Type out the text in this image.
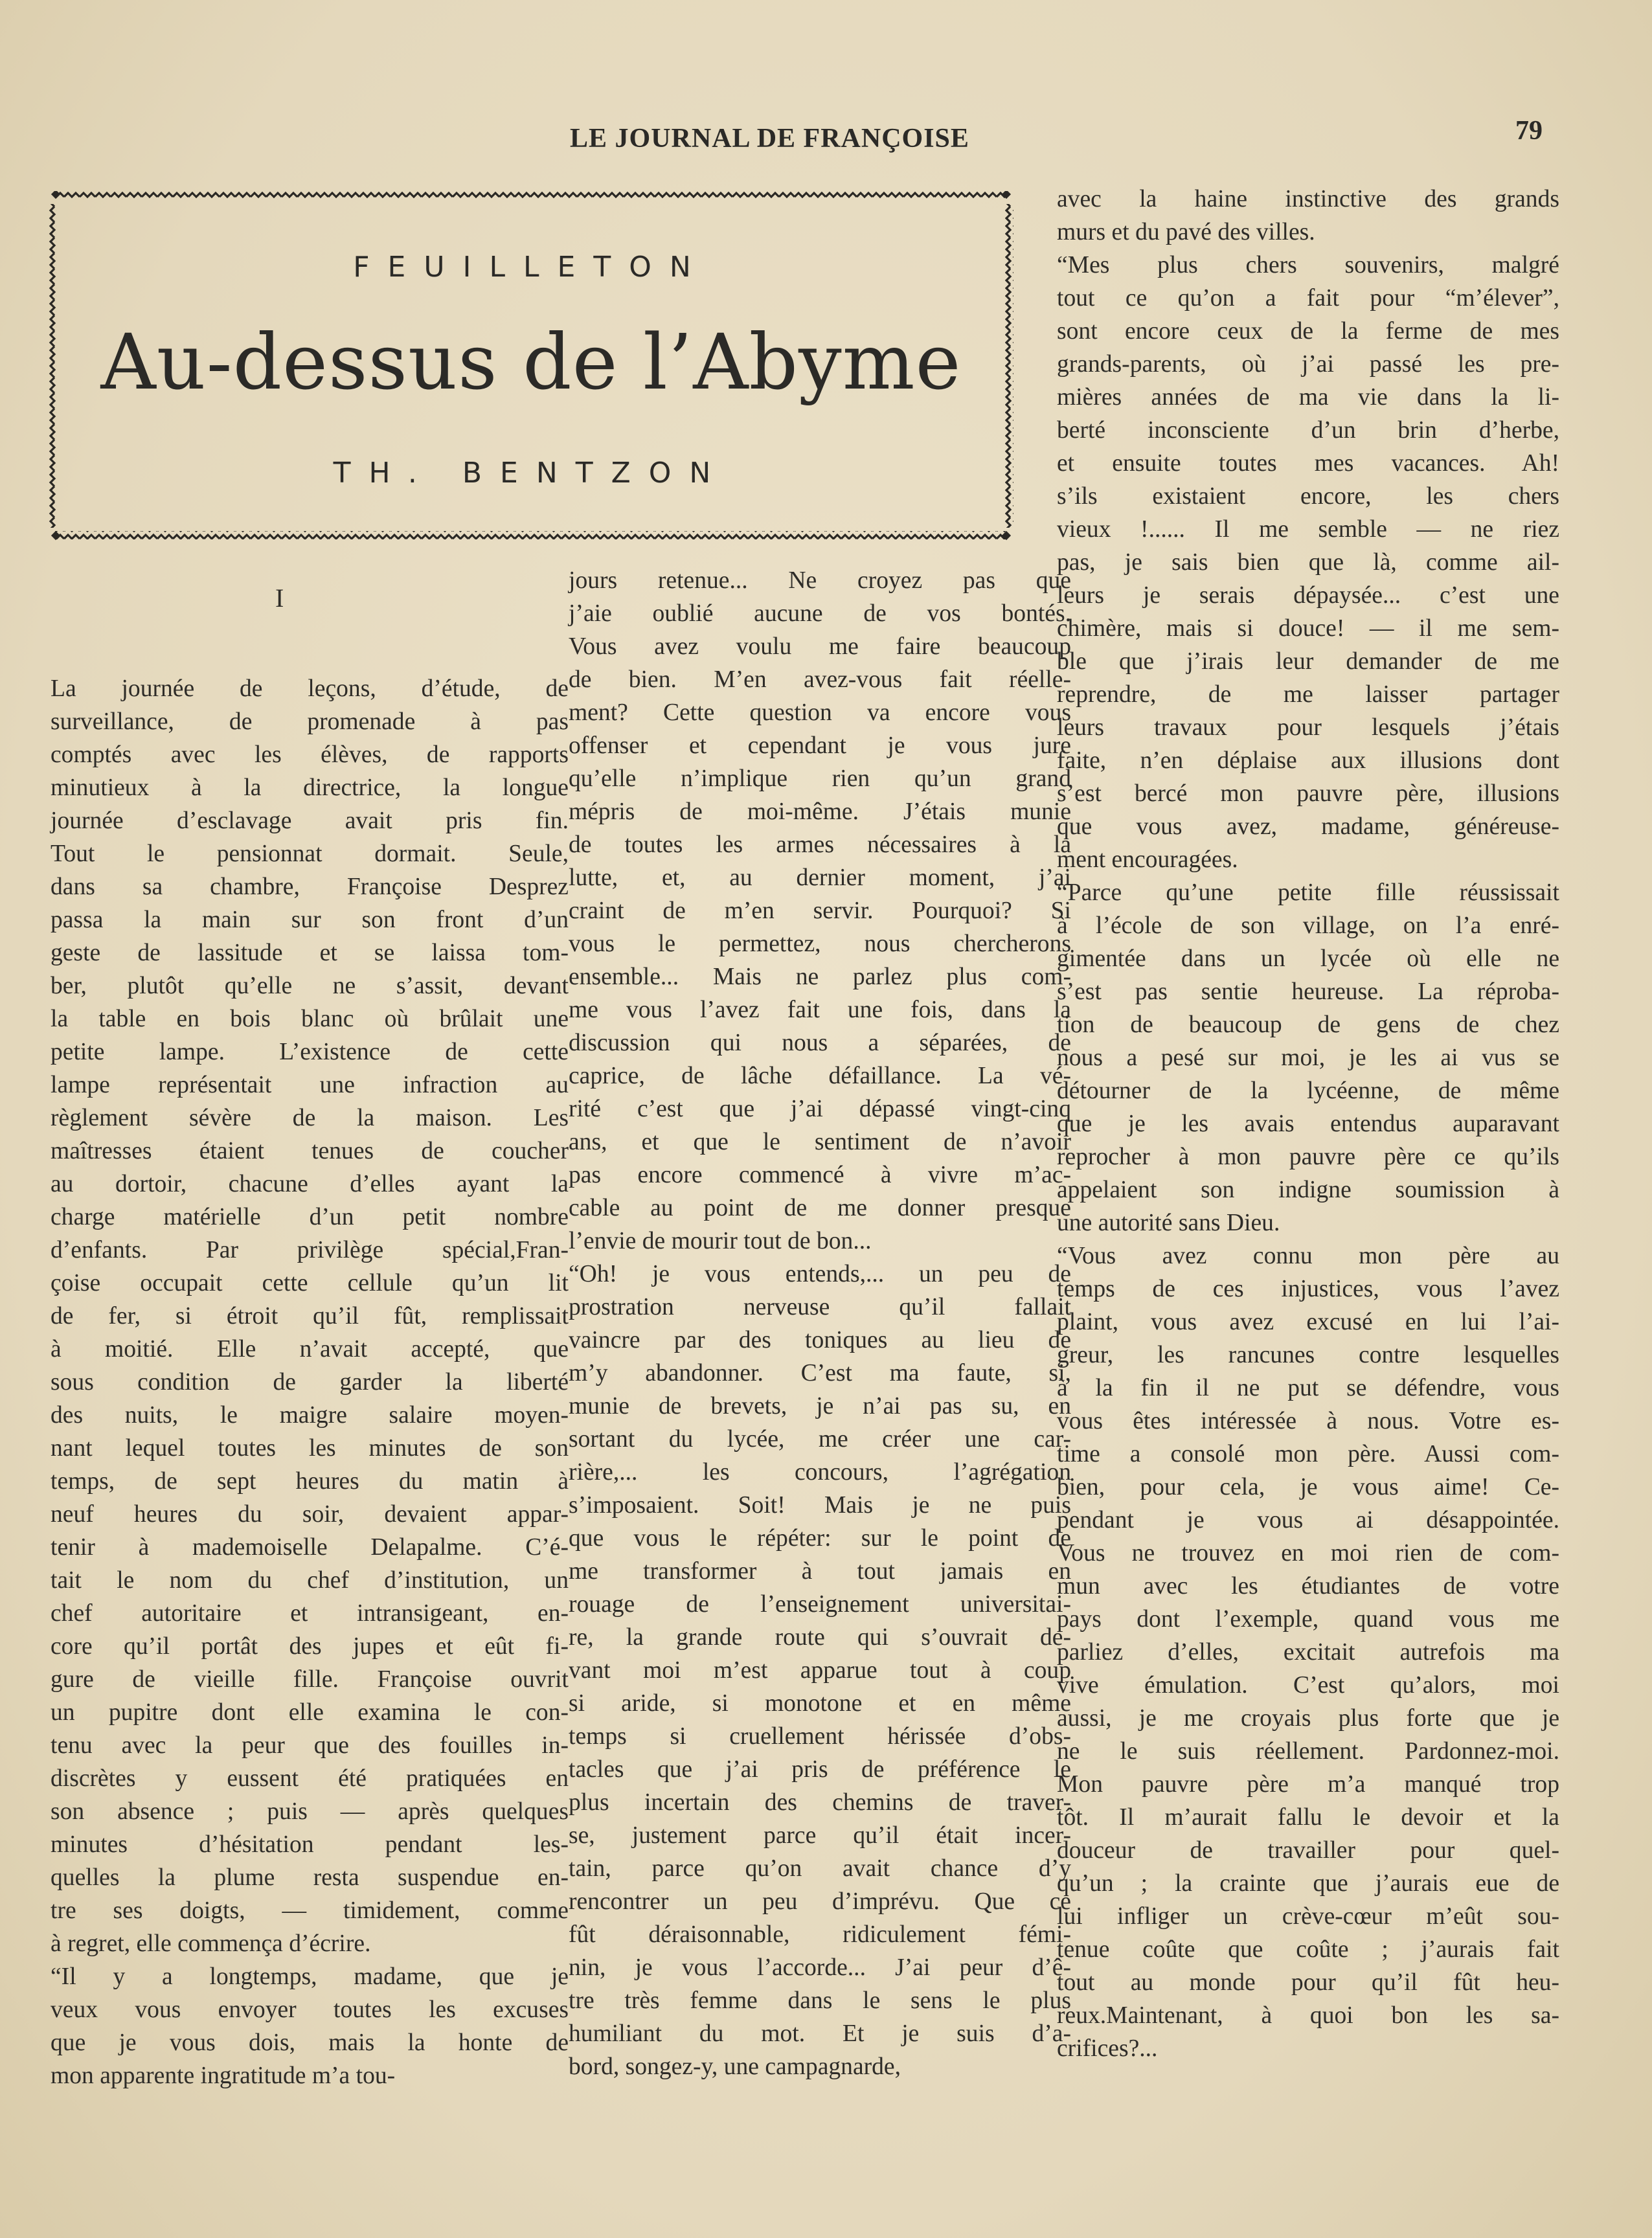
LE JOURNAL DE FRANÇOISE	79
FEUILLETON
Au-dessus de l’Abyme
TH. BENTZON
I
La journée de leçons, d’étude, de
surveillance, de promenade à pas
comptés avec les élèves, de rapports
minutieux à la directrice, la longue
journée d’esclavage avait pris fin.
Tout le pensionnat dormait. Seule,
dans sa chambre, Françoise Desprez
passa la main sur son front d’un
geste de lassitude et se laissa tom-
ber, plutôt qu’elle ne s’assit, devant
la table en bois blanc où brûlait une
petite lampe. L’existence de cette
lampe représentait une infraction au
règlement sévère de la maison. Les
maîtresses étaient tenues de coucher
au dortoir, chacune d’elles ayant la
charge matérielle d’un petit nombre
d’enfants. Par privilège spécial,Fran-
çoise occupait cette cellule qu’un lit
de fer, si étroit qu’il fût, remplissait
à moitié. Elle n’avait accepté, que
sous condition de garder la liberté
des nuits, le maigre salaire moyen-
nant lequel toutes les minutes de son
temps, de sept heures du matin à
neuf heures du soir, devaient appar-
tenir à mademoiselle Delapalme. C’é-
tait le nom du chef d’institution, un
chef autoritaire et intransigeant, en-
core qu’il portât des jupes et eût fi-
gure de vieille fille. Françoise ouvrit
un pupitre dont elle examina le con-
tenu avec la peur que des fouilles in-
discrètes y eussent été pratiquées en
son absence ; puis — après quelques
minutes d’hésitation pendant les-
quelles la plume resta suspendue en-
tre ses doigts, — timidement, comme
à regret, elle commença d’écrire.
“Il y a longtemps, madame, que je
veux vous envoyer toutes les excuses
que je vous dois, mais la honte de
mon apparente ingratitude m’a tou-
jours retenue... Ne croyez pas que
j’aie oublié aucune de vos bontés.
Vous avez voulu me faire beaucoup
de bien. M’en avez-vous fait réelle-
ment? Cette question va encore vous
offenser et cependant je vous jure
qu’elle n’implique rien qu’un grand
mépris de moi-même. J’étais munie
de toutes les armes nécessaires à la
lutte, et, au dernier moment, j’ai
craint de m’en servir. Pourquoi? Si
vous le permettez, nous chercherons
ensemble... Mais ne parlez plus com-
me vous l’avez fait une fois, dans la
discussion qui nous a séparées, de
caprice, de lâche défaillance. La vé-
rité c’est que j’ai dépassé vingt-cinq
ans, et que le sentiment de n’avoir
pas encore commencé à vivre m’ac-
cable au point de me donner presque
l’envie de mourir tout de bon...
“Oh! je vous entends,... un peu de
prostration nerveuse qu’il fallait
vaincre par des toniques au lieu de
m’y abandonner. C’est ma faute, si,
munie de brevets, je n’ai pas su, en
sortant du lycée, me créer une car-
rière,... les concours, l’agrégation
s’imposaient. Soit! Mais je ne puis
que vous le répéter: sur le point de
me transformer à tout jamais en
rouage de l’enseignement universitai-
re, la grande route qui s’ouvrait de-
vant moi m’est apparue tout à coup
si aride, si monotone et en même
temps si cruellement hérissée d’obs-
tacles que j’ai pris de préférence le
plus incertain des chemins de traver-
se, justement parce qu’il était incer-
tain, parce qu’on avait chance d’y
rencontrer un peu d’imprévu. Que ce
fût déraisonnable, ridiculement fémi-
nin, je vous l’accorde... J’ai peur d’ê-
tre très femme dans le sens le plus
humiliant du mot. Et je suis d’a-
bord, songez-y, une campagnarde,
avec la haine instinctive des grands
murs et du pavé des villes.
“Mes plus chers souvenirs, malgré
tout ce qu’on a fait pour “m’élever”,
sont encore ceux de la ferme de mes
grands-parents, où j’ai passé les pre-
mières années de ma vie dans la li-
berté inconsciente d’un brin d’herbe,
et ensuite toutes mes vacances. Ah!
s’ils existaient encore, les chers
vieux !...... Il me semble — ne riez
pas, je sais bien que là, comme ail-
leurs je serais dépaysée... c’est une
chimère, mais si douce! — il me sem-
ble que j’irais leur demander de me
reprendre, de me laisser partager
leurs travaux pour lesquels j’étais
faite, n’en déplaise aux illusions dont
s’est bercé mon pauvre père, illusions
que vous avez, madame, généreuse-
ment encouragées.
“Parce qu’une petite fille réussissait
à l’école de son village, on l’a enré-
gimentée dans un lycée où elle ne
s’est pas sentie heureuse. La réproba-
tion de beaucoup de gens de chez
nous a pesé sur moi, je les ai vus se
détourner de la lycéenne, de même
que je les avais entendus auparavant
reprocher à mon pauvre père ce qu’ils
appelaient son indigne soumission à
une autorité sans Dieu.
“Vous avez connu mon père au
temps de ces injustices, vous l’avez
plaint, vous avez excusé en lui l’ai-
greur, les rancunes contre lesquelles
à la fin il ne put se défendre, vous
vous êtes intéressée à nous. Votre es-
time a consolé mon père. Aussi com-
bien, pour cela, je vous aime! Ce-
pendant je vous ai désappointée.
Vous ne trouvez en moi rien de com-
mun avec les étudiantes de votre
pays dont l’exemple, quand vous me
parliez d’elles, excitait autrefois ma
vive émulation. C’est qu’alors, moi
aussi, je me croyais plus forte que je
ne le suis réellement. Pardonnez-moi.
Mon pauvre père m’a manqué trop
tôt. Il m’aurait fallu le devoir et la
douceur de travailler pour quel-
qu’un ; la crainte que j’aurais eue de
lui infliger un crève-cœur m’eût sou-
tenue coûte que coûte ; j’aurais fait
tout au monde pour qu’il fût heu-
reux.Maintenant, à quoi bon les sa-
crifices?...
